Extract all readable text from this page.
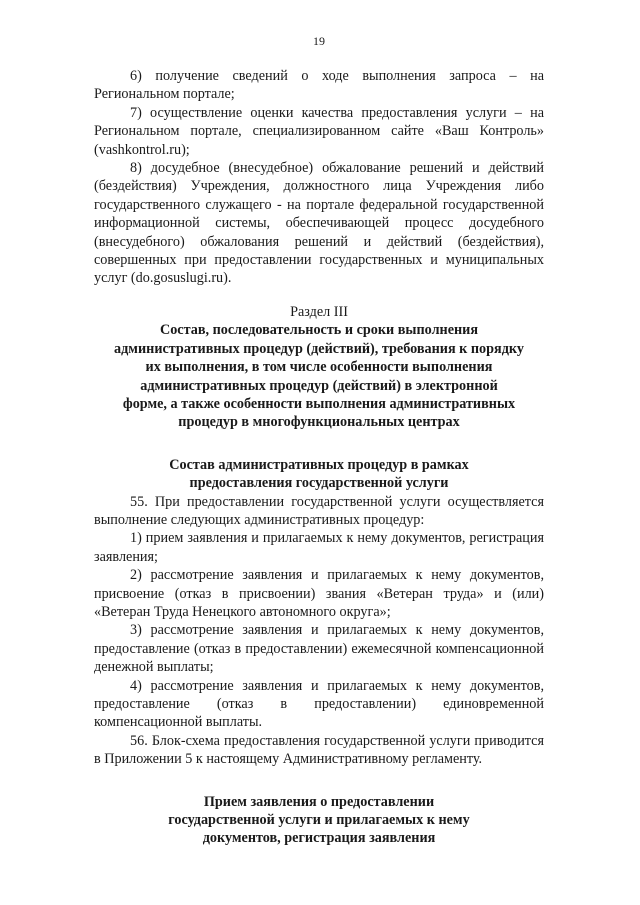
19

6) получение сведений о ходе выполнения запроса – на Региональном портале;

7) осуществление оценки качества предоставления услуги – на Региональном портале, специализированном сайте «Ваш Контроль» (vashkontrol.ru);

8) досудебное (внесудебное) обжалование решений и действий (бездействия) Учреждения, должностного лица Учреждения либо государственного служащего - на портале федеральной государственной информационной системы, обеспечивающей процесс досудебного (внесудебного) обжалования решений и действий (бездействия), совершенных при предоставлении государственных и муниципальных услуг (do.gosuslugi.ru).

Раздел III

Состав, последовательность и сроки выполнения

административных процедур (действий), требования к порядку

их выполнения, в том числе особенности выполнения

административных процедур (действий) в электронной

форме, а также особенности выполнения административных

процедур в многофункциональных центрах

Состав административных процедур в рамках

предоставления государственной услуги

55. При предоставлении государственной услуги осуществляется выполнение следующих административных процедур:

1) прием заявления и прилагаемых к нему документов, регистрация заявления;

2) рассмотрение заявления и прилагаемых к нему документов, присвоение (отказ в присвоении) звания «Ветеран труда» и (или) «Ветеран Труда Ненецкого автономного округа»;

3) рассмотрение заявления и прилагаемых к нему документов, предоставление (отказ в предоставлении) ежемесячной компенсационной денежной выплаты;

4) рассмотрение заявления и прилагаемых к нему документов, предоставление (отказ в предоставлении) единовременной компенсационной выплаты.

56. Блок-схема предоставления государственной услуги приводится в Приложении 5 к настоящему Административному регламенту.

Прием заявления о предоставлении

государственной услуги и прилагаемых к нему

документов, регистрация заявления
